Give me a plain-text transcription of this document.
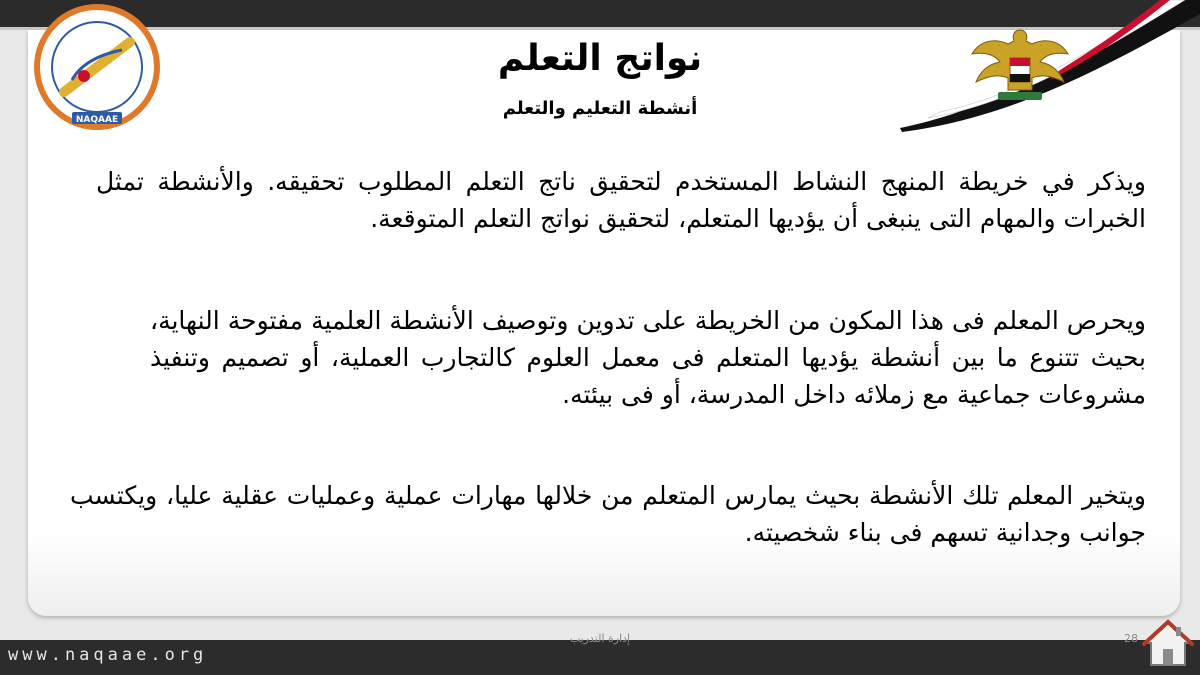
NAQAAE
نواتج التعلم
أنشطة التعليم والتعلم
ويذكر في خريطة المنهج النشاط المستخدم لتحقيق ناتج التعلم المطلوب تحقيقه. والأنشطة تمثل الخبرات والمهام التى ينبغى أن يؤديها المتعلم، لتحقيق نواتج التعلم المتوقعة.
ويحرص المعلم فى هذا المكون من الخريطة على تدوين وتوصيف الأنشطة العلمية مفتوحة النهاية، بحيث تتنوع ما بين أنشطة يؤديها المتعلم فى معمل العلوم كالتجارب العملية، أو تصميم وتنفيذ مشروعات جماعية مع زملائه داخل المدرسة، أو فى بيئته.
ويتخير المعلم تلك الأنشطة بحيث يمارس المتعلم من خلالها مهارات عملية وعمليات عقلية عليا، ويكتسب جوانب وجدانية تسهم فى بناء شخصيته.
www.naqaae.org
إدارة التدريب	28
